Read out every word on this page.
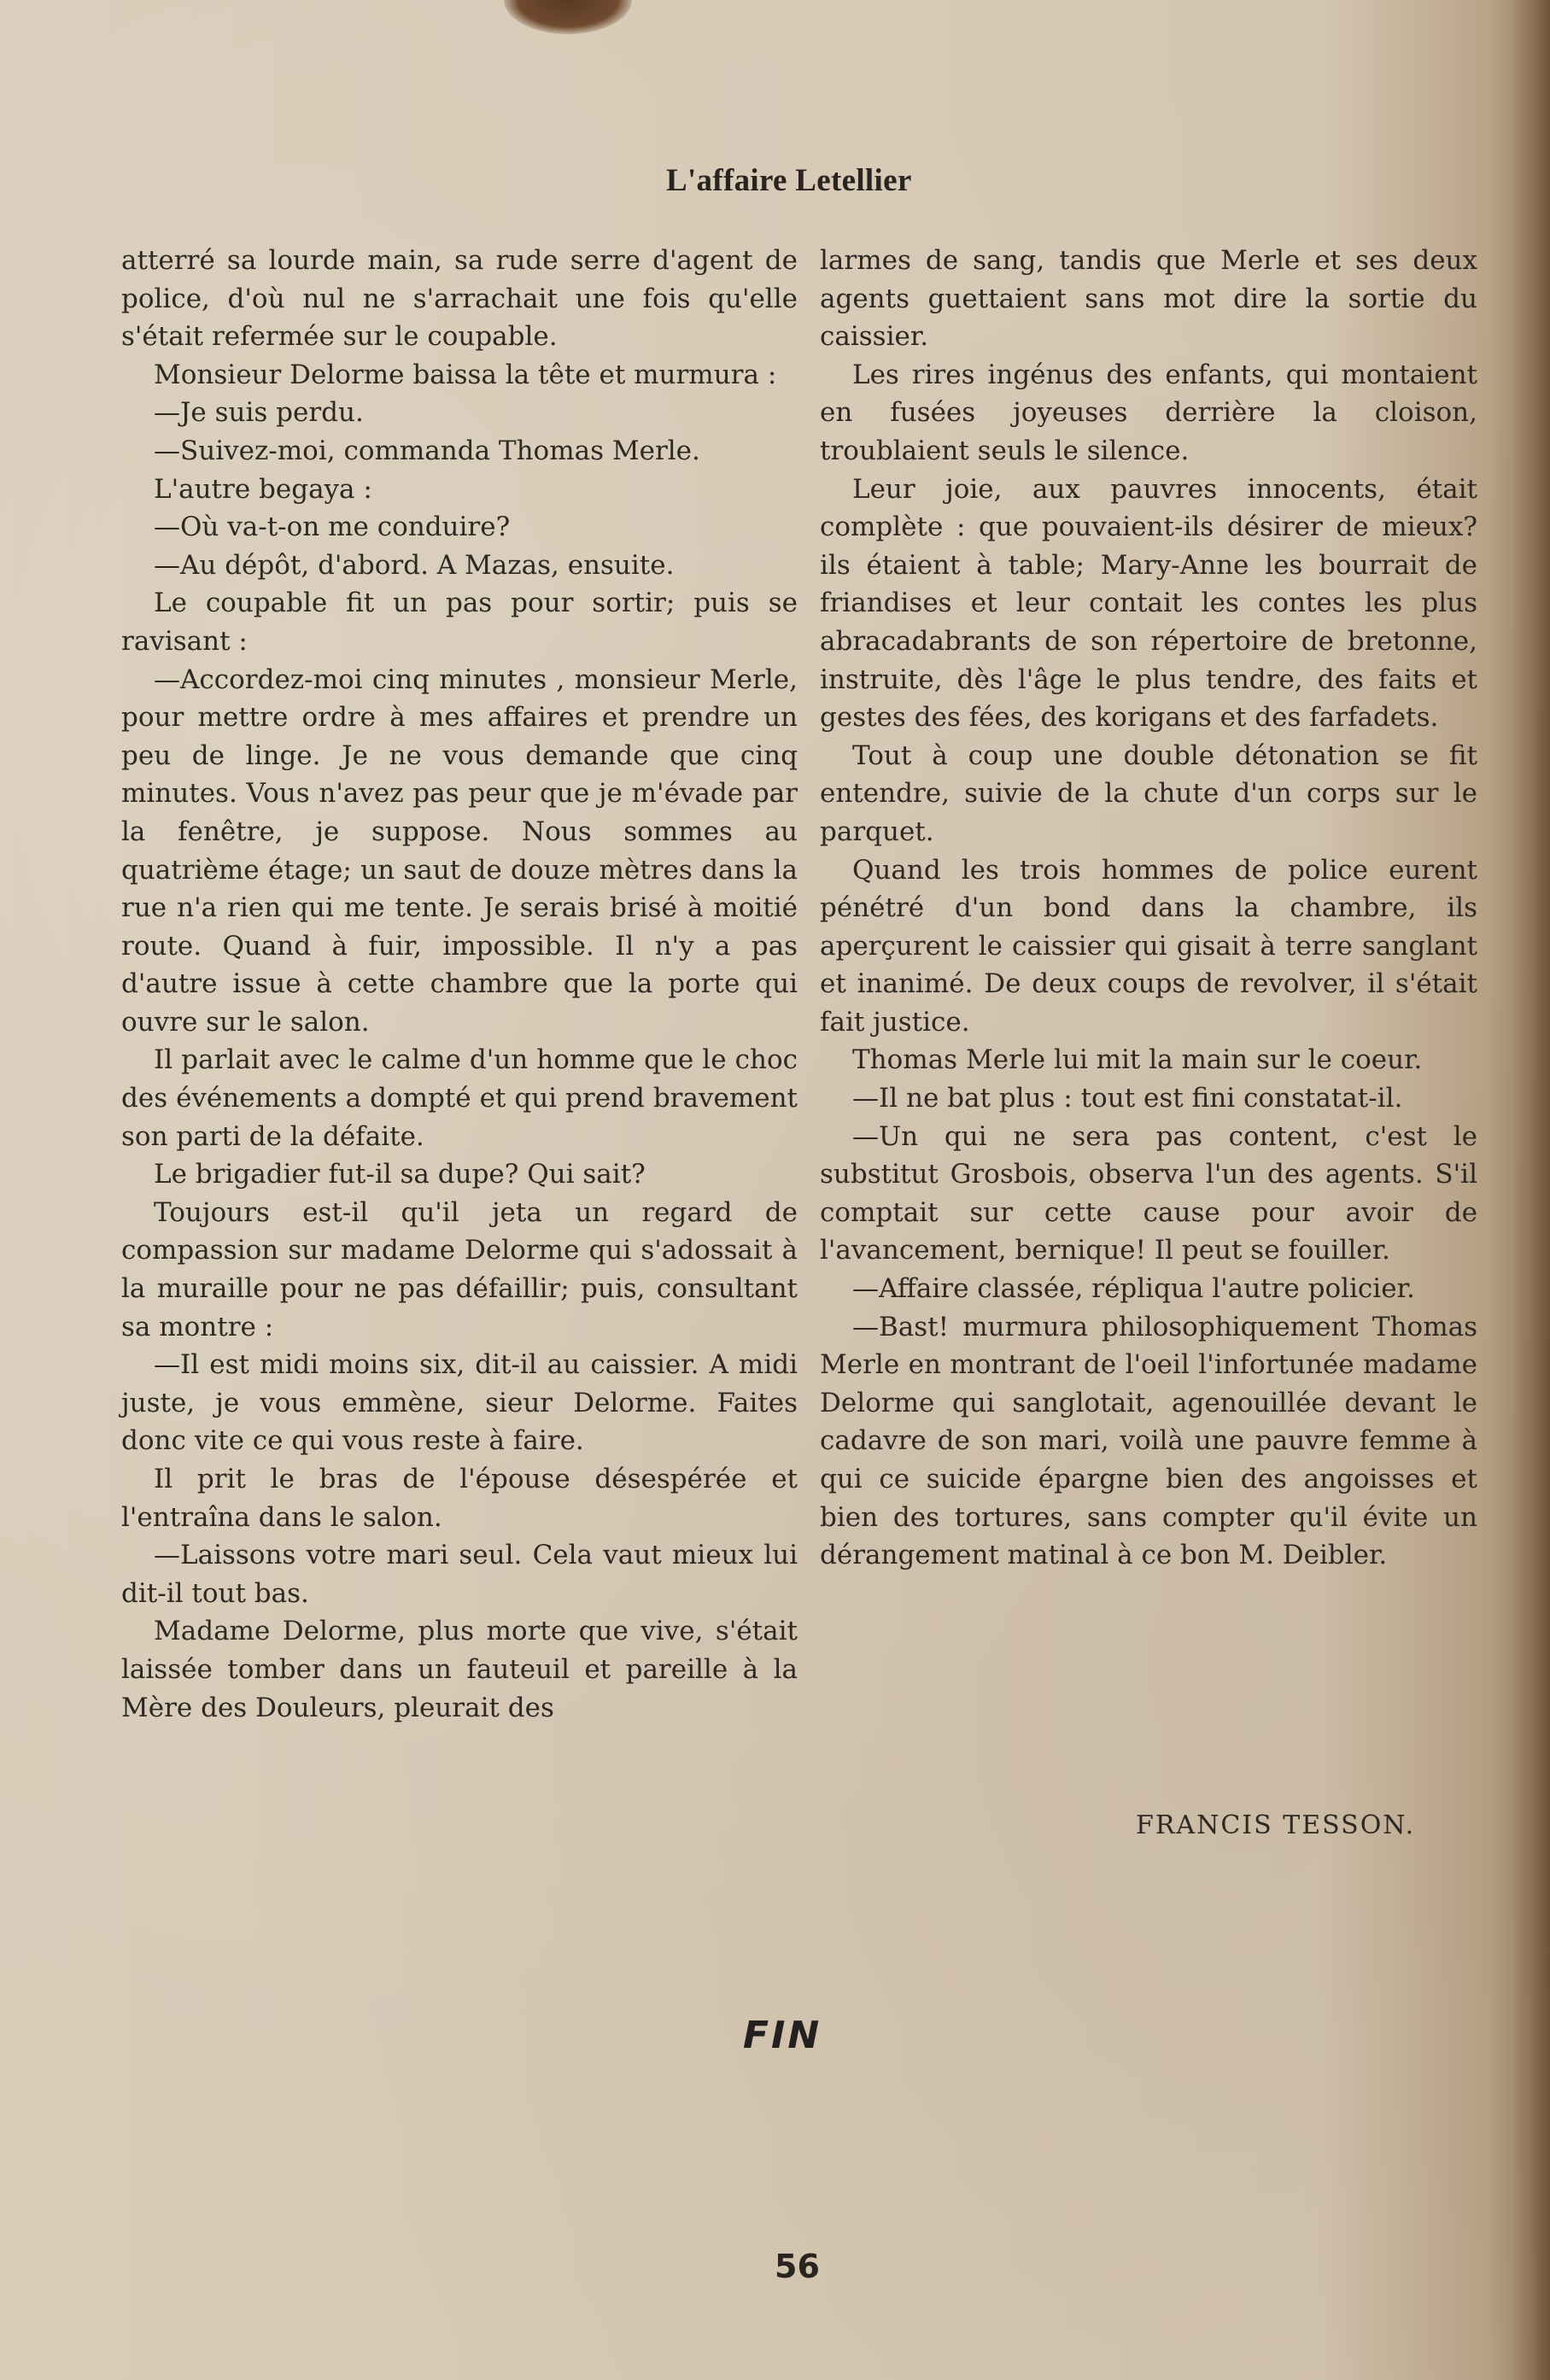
L'affaire Letellier

atterré sa lourde main, sa rude serre d'agent de police, d'où nul ne s'arrachait une fois qu'elle s'était refermée sur le coupable.

Monsieur Delorme baissa la tête et murmura :

—Je suis perdu.

—Suivez-moi, commanda Thomas Merle.

L'autre begaya :

—Où va-t-on me conduire?

—Au dépôt, d'abord. A Mazas, ensuite.

Le coupable fit un pas pour sortir; puis se ravisant :

—Accordez-moi cinq minutes , monsieur Merle, pour mettre ordre à mes affaires et prendre un peu de linge. Je ne vous demande que cinq minutes. Vous n'avez pas peur que je m'évade par la fenêtre, je suppose. Nous sommes au quatrième étage; un saut de douze mètres dans la rue n'a rien qui me tente. Je serais brisé à moitié route. Quand à fuir, impossible. Il n'y a pas d'autre issue à cette chambre que la porte qui ouvre sur le salon.

Il parlait avec le calme d'un homme que le choc des événements a dompté et qui prend bravement son parti de la défaite.

Le brigadier fut-il sa dupe? Qui sait?

Toujours est-il qu'il jeta un regard de compassion sur madame Delorme qui s'adossait à la muraille pour ne pas défaillir; puis, consultant sa montre :

—Il est midi moins six, dit-il au caissier. A midi juste, je vous emmène, sieur Delorme. Faites donc vite ce qui vous reste à faire.

Il prit le bras de l'épouse désespérée et l'entraîna dans le salon.

—Laissons votre mari seul. Cela vaut mieux lui dit-il tout bas.

Madame Delorme, plus morte que vive, s'était laissée tomber dans un fauteuil et pareille à la Mère des Douleurs, pleurait des

larmes de sang, tandis que Merle et ses deux agents guettaient sans mot dire la sortie du caissier.

Les rires ingénus des enfants, qui montaient en fusées joyeuses derrière la cloison, troublaient seuls le silence.

Leur joie, aux pauvres innocents, était complète : que pouvaient-ils désirer de mieux? ils étaient à table; Mary-Anne les bourrait de friandises et leur contait les contes les plus abracadabrants de son répertoire de bretonne, instruite, dès l'âge le plus tendre, des faits et gestes des fées, des korigans et des farfadets.

Tout à coup une double détonation se fit entendre, suivie de la chute d'un corps sur le parquet.

Quand les trois hommes de police eurent pénétré d'un bond dans la chambre, ils aperçurent le caissier qui gisait à terre sanglant et inanimé. De deux coups de revolver, il s'était fait justice.

Thomas Merle lui mit la main sur le coeur.

—Il ne bat plus : tout est fini constatat-il.

—Un qui ne sera pas content, c'est le substitut Grosbois, observa l'un des agents. S'il comptait sur cette cause pour avoir de l'avancement, bernique! Il peut se fouiller.

—Affaire classée, répliqua l'autre policier.

—Bast! murmura philosophiquement Thomas Merle en montrant de l'oeil l'infortunée madame Delorme qui sanglotait, agenouillée devant le cadavre de son mari, voilà une pauvre femme à qui ce suicide épargne bien des angoisses et bien des tortures, sans compter qu'il évite un dérangement matinal à ce bon M. Deibler.

FRANCIS TESSON.
FIN
56
